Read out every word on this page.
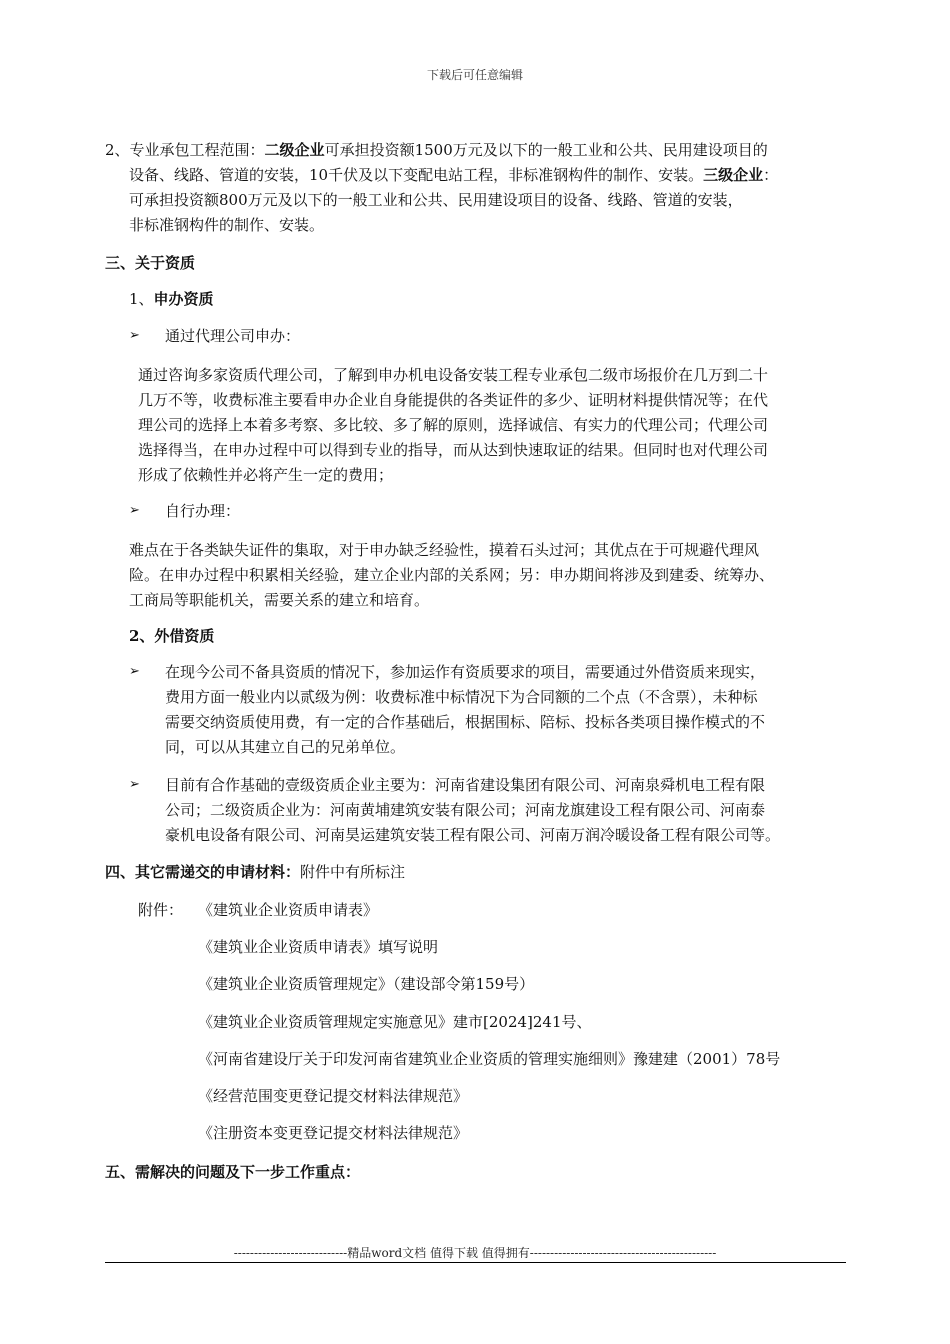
下载后可任意编辑
2、专业承包工程范围：二级企业可承担投资额1500万元及以下的一般工业和公共、民用建设项目的
设备、线路、管道的安装，10千伏及以下变配电站工程，非标准钢构件的制作、安装。三级企业：
可承担投资额800万元及以下的一般工业和公共、民用建设项目的设备、线路、管道的安装，
非标准钢构件的制作、安装。
三、关于资质
1、申办资质
➢ 通过代理公司申办：
通过咨询多家资质代理公司，了解到申办机电设备安装工程专业承包二级市场报价在几万到二十
几万不等，收费标准主要看申办企业自身能提供的各类证件的多少、证明材料提供情况等；在代
理公司的选择上本着多考察、多比较、多了解的原则，选择诚信、有实力的代理公司；代理公司
选择得当，在申办过程中可以得到专业的指导，而从达到快速取证的结果。但同时也对代理公司
形成了依赖性并必将产生一定的费用；
➢ 自行办理：
难点在于各类缺失证件的集取，对于申办缺乏经验性，摸着石头过河；其优点在于可规避代理风
险。在申办过程中积累相关经验，建立企业内部的关系网；另：申办期间将涉及到建委、统筹办、
工商局等职能机关，需要关系的建立和培育。
2、外借资质
➢ 在现今公司不备具资质的情况下，参加运作有资质要求的项目，需要通过外借资质来现实，
费用方面一般业内以贰级为例：收费标准中标情况下为合同额的二个点（不含票），未种标
需要交纳资质使用费，有一定的合作基础后，根据围标、陪标、投标各类项目操作模式的不
同，可以从其建立自己的兄弟单位。
➢ 目前有合作基础的壹级资质企业主要为：河南省建设集团有限公司、河南泉舜机电工程有限
公司；二级资质企业为：河南黄埔建筑安装有限公司；河南龙旗建设工程有限公司、河南泰
豪机电设备有限公司、河南昊运建筑安装工程有限公司、河南万润冷暖设备工程有限公司等。
四、其它需递交的申请材料：附件中有所标注
附件： 《建筑业企业资质申请表》
《建筑业企业资质申请表》填写说明
《建筑业企业资质管理规定》（建设部令第159号）
《建筑业企业资质管理规定实施意见》建市[2024]241号、
《河南省建设厅关于印发河南省建筑业企业资质的管理实施细则》豫建建（2001）78号
《经营范围变更登记提交材料法律规范》
《注册资本变更登记提交材料法律规范》
五、需解决的问题及下一步工作重点：
----------------------------精品word文档 值得下载 值得拥有----------------------------------------------
